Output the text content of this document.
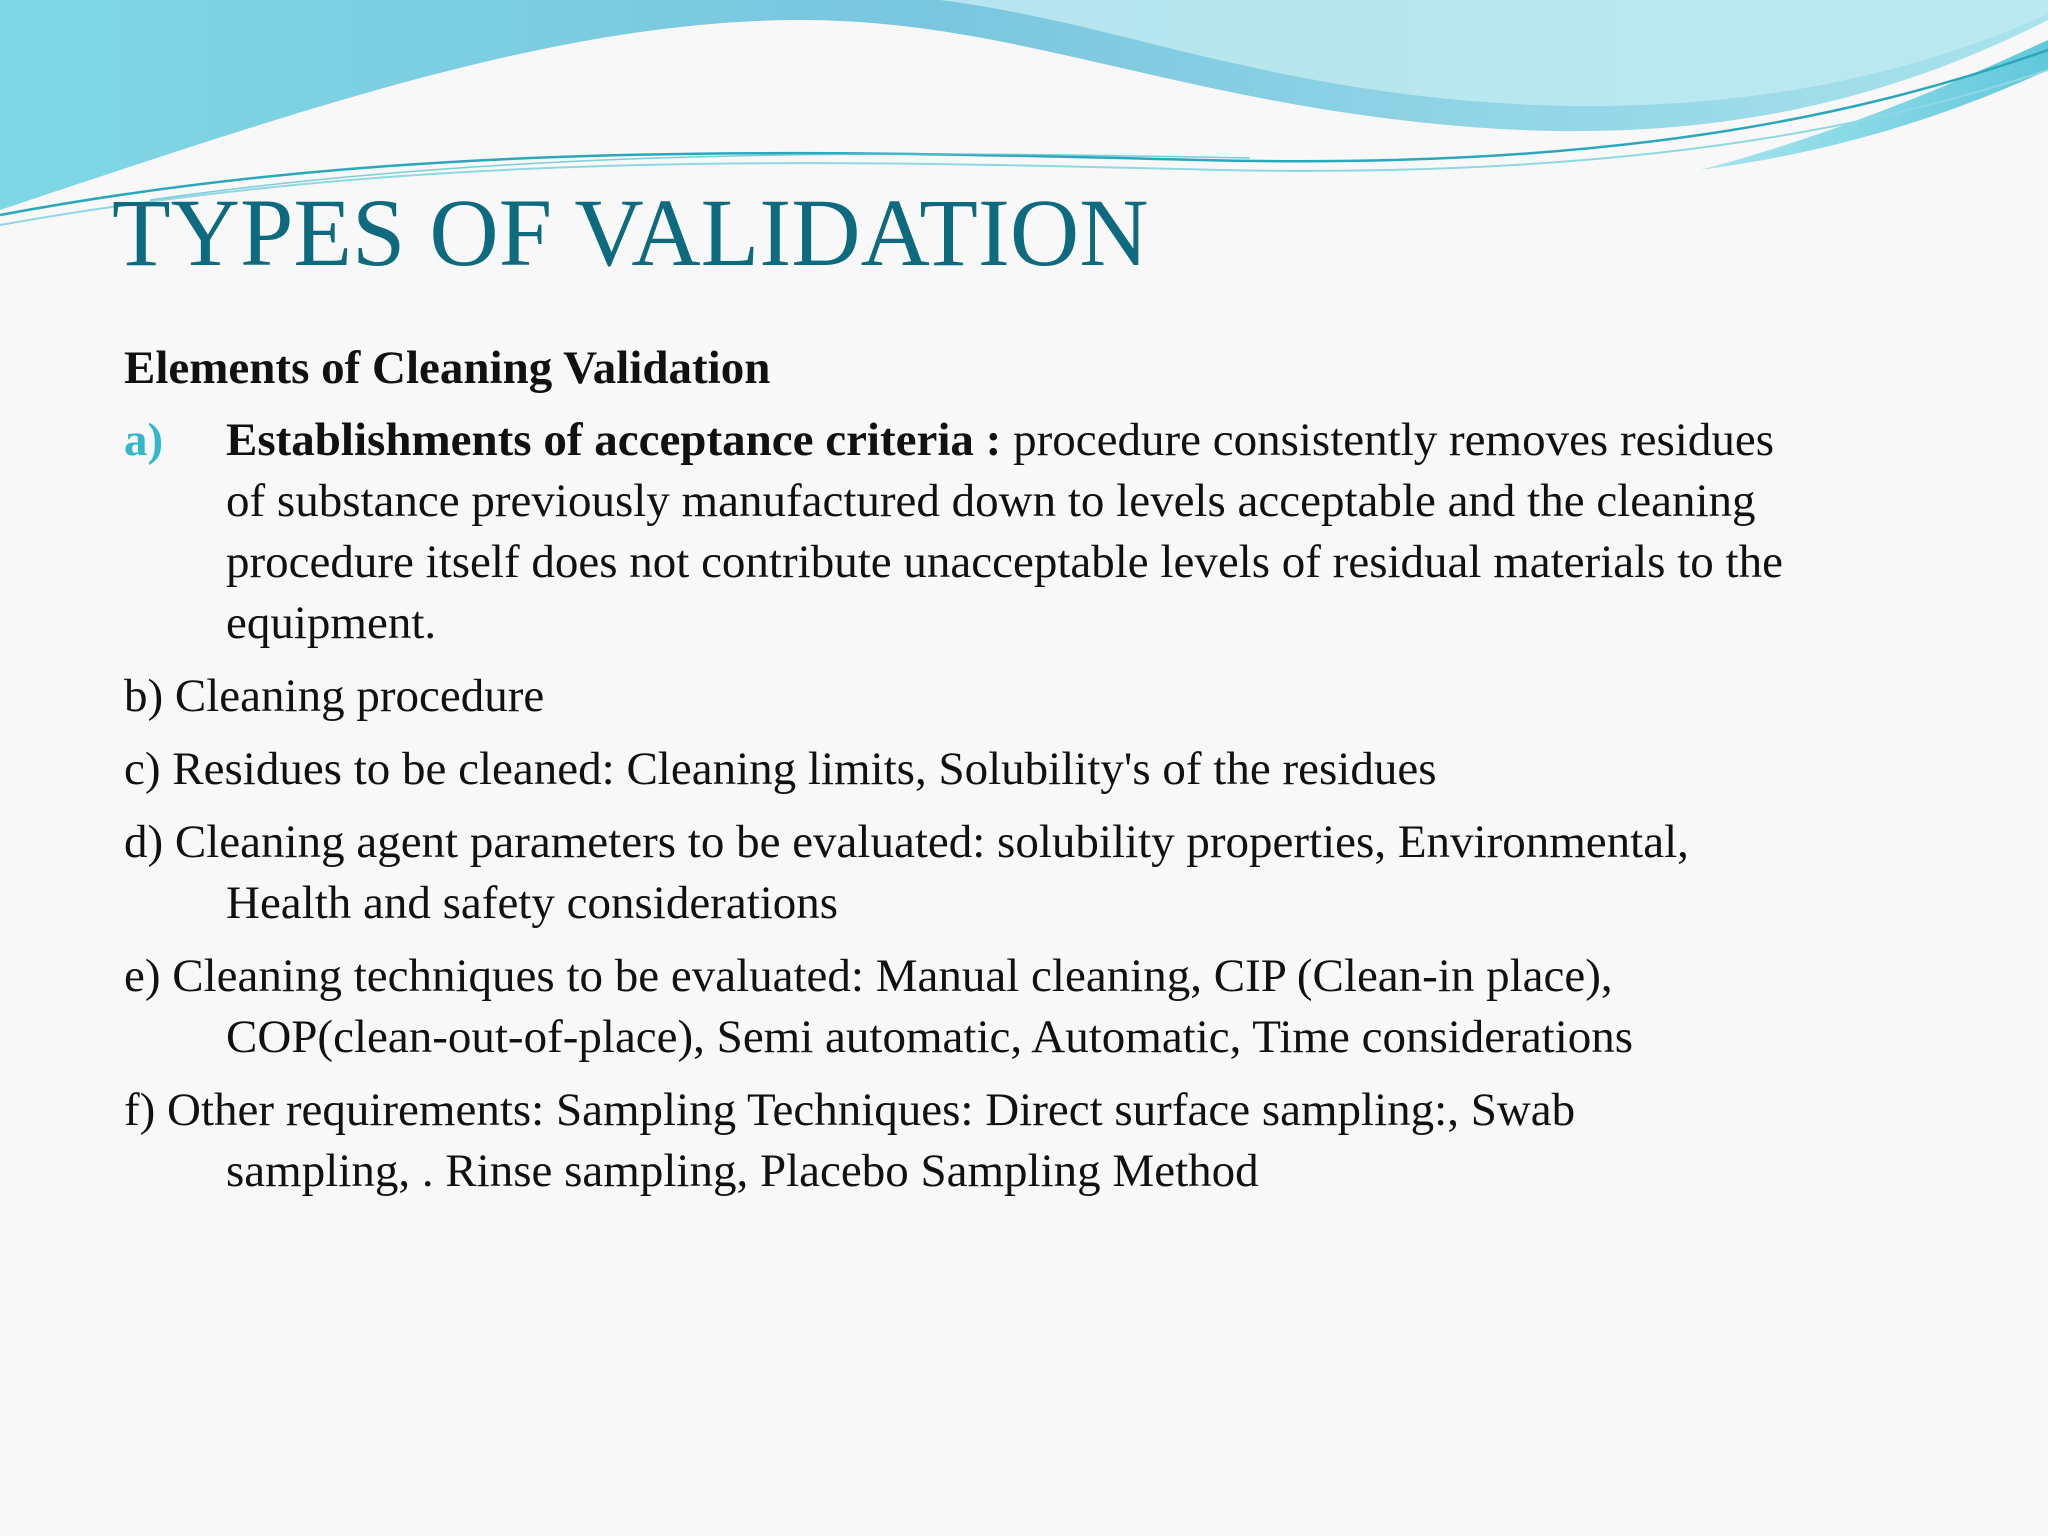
TYPES OF VALIDATION

Elements of Cleaning Validation

a)	Establishments of acceptance criteria : procedure consistently removes residues
of substance previously manufactured down to levels acceptable and the cleaning
procedure itself does not contribute unacceptable levels of residual materials to the
equipment.
b) Cleaning procedure
c) Residues to be cleaned: Cleaning limits, Solubility's of the residues
d) Cleaning agent parameters to be evaluated: solubility properties, Environmental,
Health and safety considerations
e) Cleaning techniques to be evaluated: Manual cleaning, CIP (Clean-in place),
COP(clean-out-of-place), Semi automatic, Automatic, Time considerations
f) Other requirements: Sampling Techniques: Direct surface sampling:, Swab
sampling, . Rinse sampling, Placebo Sampling Method
